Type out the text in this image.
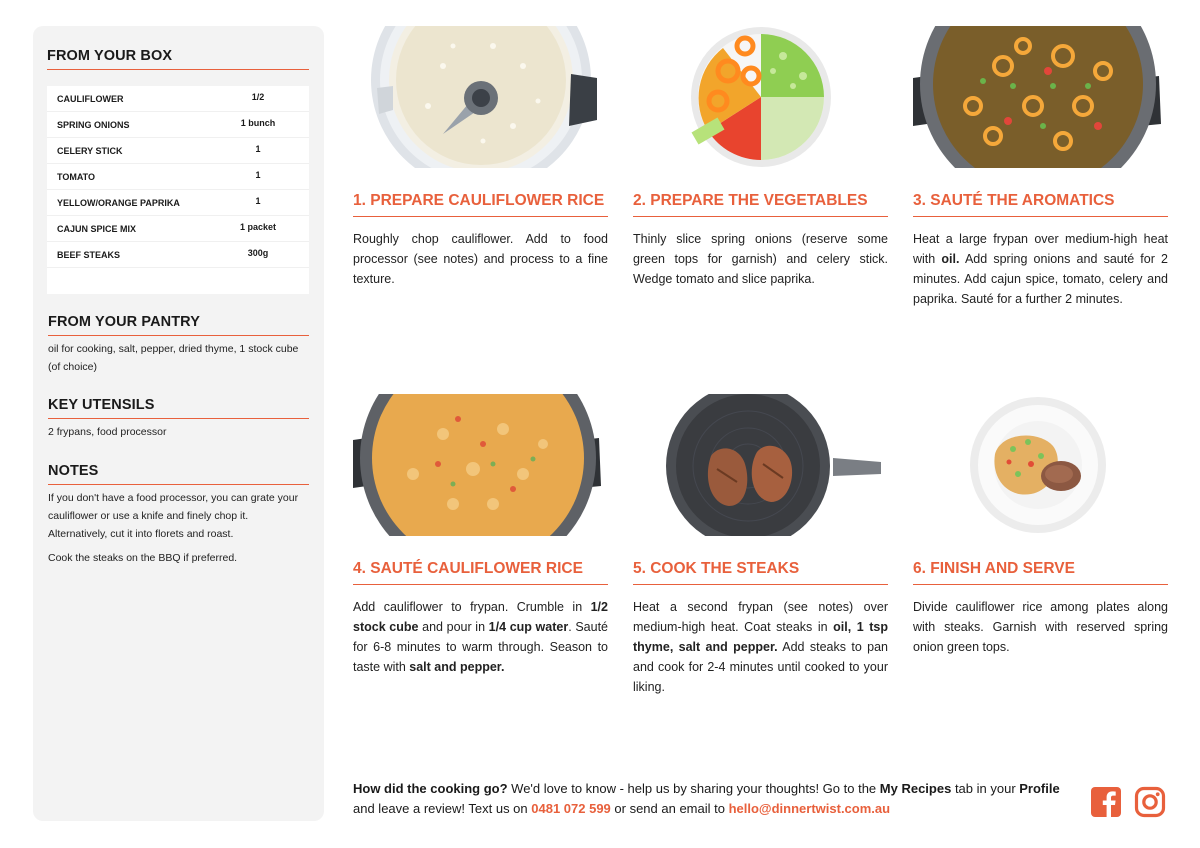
FROM YOUR BOX
CAULIFLOWER	1/2
SPRING ONIONS	1 bunch
CELERY STICK	1
TOMATO	1
YELLOW/ORANGE PAPRIKA	1
CAJUN SPICE MIX	1 packet
BEEF STEAKS	300g
FROM YOUR PANTRY

oil for cooking, salt, pepper, dried thyme, 1 stock cube (of choice)

KEY UTENSILS

2 frypans, food processor

NOTES

If you don't have a food processor, you can grate your cauliflower or use a knife and finely chop it. Alternatively, cut it into florets and roast.

Cook the steaks on the BBQ if preferred.

1. PREPARE CAULIFLOWER RICE
Roughly chop cauliflower. Add to food processor (see notes) and process to a fine texture.
2. PREPARE THE VEGETABLES
Thinly slice spring onions (reserve some green tops for garnish) and celery stick. Wedge tomato and slice paprika.
3. SAUTÉ THE AROMATICS
Heat a large frypan over medium-high heat with oil. Add spring onions and sauté for 2 minutes. Add cajun spice, tomato, celery and paprika. Sauté for a further 2 minutes.
4. SAUTÉ CAULIFLOWER RICE
Add cauliflower to frypan. Crumble in 1/2 stock cube and pour in 1/4 cup water. Sauté for 6-8 minutes to warm through. Season to taste with salt and pepper.
5. COOK THE STEAKS
Heat a second frypan (see notes) over medium-high heat. Coat steaks in oil, 1 tsp thyme, salt and pepper. Add steaks to pan and cook for 2-4 minutes until cooked to your liking.
6. FINISH AND SERVE
Divide cauliflower rice among plates along with steaks. Garnish with reserved spring onion green tops.
How did the cooking go? We'd love to know - help us by sharing your thoughts! Go to the My Recipes tab in your Profile and leave a review! Text us on 0481 072 599 or send an email to hello@dinnertwist.com.au
